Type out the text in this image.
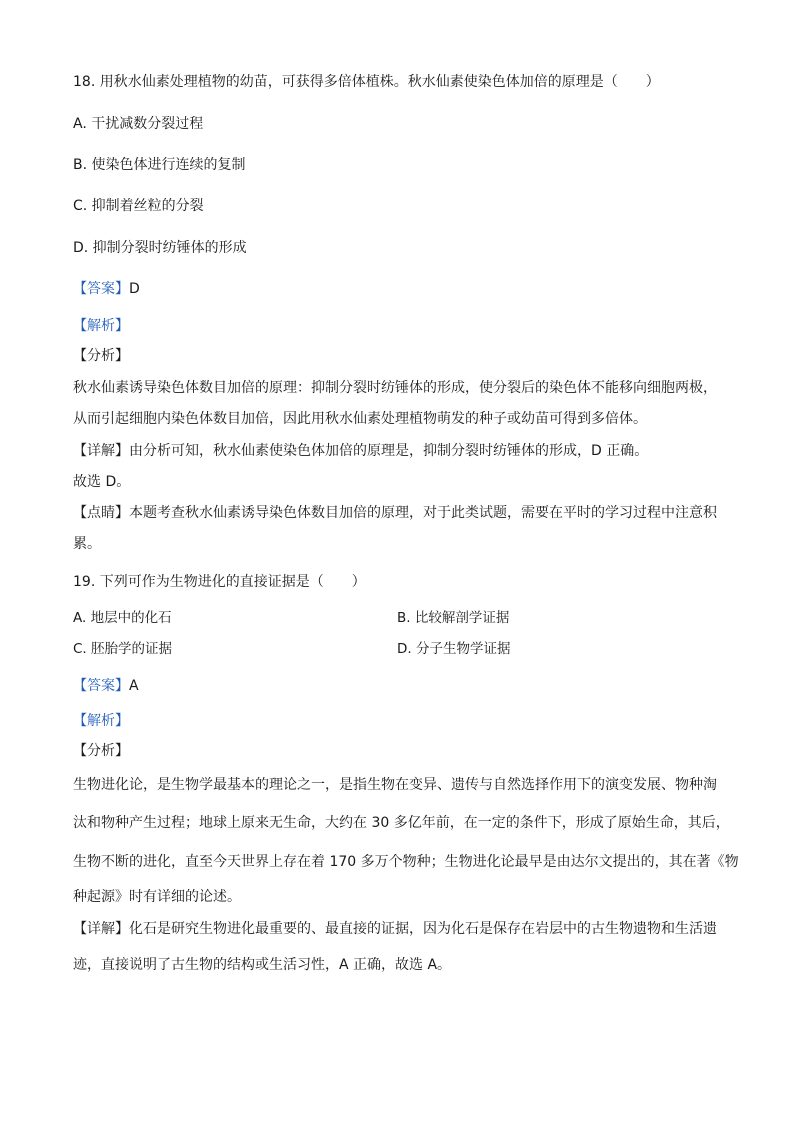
18. 用秋水仙素处理植物的幼苗，可获得多倍体植株。秋水仙素使染色体加倍的原理是（　　）
A. 干扰减数分裂过程
B. 使染色体进行连续的复制
C. 抑制着丝粒的分裂
D. 抑制分裂时纺锤体的形成
【答案】D
【解析】
【分析】
秋水仙素诱导染色体数目加倍的原理：抑制分裂时纺锤体的形成，使分裂后的染色体不能移向细胞两极，
从而引起细胞内染色体数目加倍，因此用秋水仙素处理植物萌发的种子或幼苗可得到多倍体。
【详解】由分析可知，秋水仙素使染色体加倍的原理是，抑制分裂时纺锤体的形成，D 正确。
故选 D。
【点睛】本题考查秋水仙素诱导染色体数目加倍的原理，对于此类试题，需要在平时的学习过程中注意积
累。
19. 下列可作为生物进化的直接证据是（　　）
A. 地层中的化石	B. 比较解剖学证据
C. 胚胎学的证据	D. 分子生物学证据
【答案】A
【解析】
【分析】
生物进化论，是生物学最基本的理论之一，是指生物在变异、遗传与自然选择作用下的演变发展、物种淘
汰和物种产生过程；地球上原来无生命，大约在 30 多亿年前，在一定的条件下，形成了原始生命，其后，
生物不断的进化，直至今天世界上存在着 170 多万个物种；生物进化论最早是由达尔文提出的，其在著《物
种起源》时有详细的论述。
【详解】化石是研究生物进化最重要的、最直接的证据，因为化石是保存在岩层中的古生物遗物和生活遗
迹，直接说明了古生物的结构或生活习性，A 正确，故选 A。
